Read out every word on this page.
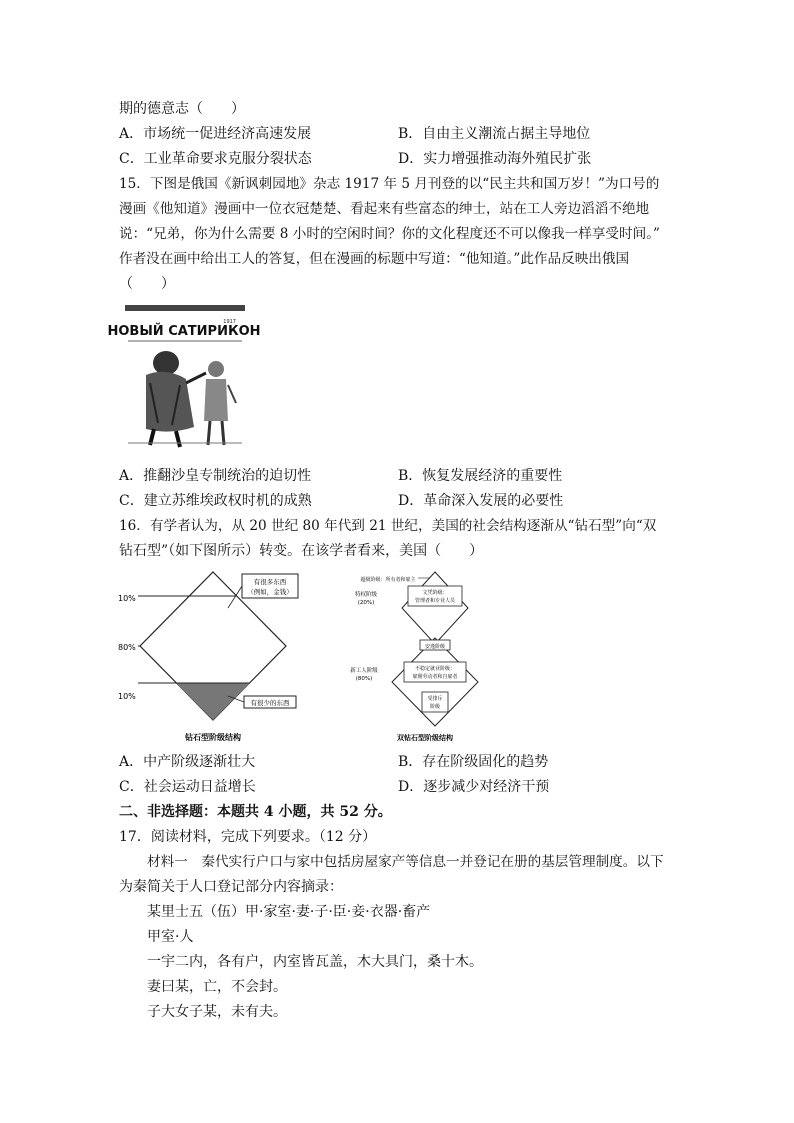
期的德意志（　　）
A．市场统一促进经济高速发展	B．自由主义潮流占据主导地位
C．工业革命要求克服分裂状态	D．实力增强推动海外殖民扩张
15．下图是俄国《新讽刺园地》杂志 1917 年 5 月刊登的以“民主共和国万岁！”为口号的
漫画《他知道》漫画中一位衣冠楚楚、看起来有些富态的绅士，站在工人旁边滔滔不绝地
说：“兄弟，你为什么需要 8 小时的空闲时间？你的文化程度还不可以像我一样享受时间。”
作者没在画中给出工人的答复，但在漫画的标题中写道：“他知道。”此作品反映出俄国
（　　）
НОВЫЙ САТИРИКОН
1917
A．推翻沙皇专制统治的迫切性	B．恢复发展经济的重要性
C．建立苏维埃政权时机的成熟	D．革命深入发展的必要性
16．有学者认为，从 20 世纪 80 年代到 21 世纪，美国的社会结构逐渐从“钻石型”向“双
钻石型”（如下图所示）转变。在该学者看来，美国（　　）
10%
80%
10%
有很多东西
（例如，金钱）
有很少的东西
钻石型阶级结构
超级阶级：所有者和雇主
特权阶级
(20%)
文凭阶级：
管理者和专业人员
安逸阶级
新工人阶级
(80%)
不稳定就业阶级：
雇佣劳动者和自雇者
受排斥
阶级
双钻石型阶级结构
A．中产阶级逐渐壮大	B．存在阶级固化的趋势
C．社会运动日益增长	D．逐步减少对经济干预
二、非选择题：本题共 4 小题，共 52 分。
17．阅读材料，完成下列要求。（12 分）
材料一　秦代实行户口与家中包括房屋家产等信息一并登记在册的基层管理制度。以下
为秦简关于人口登记部分内容摘录：
某里士五（伍）甲·家室·妻·子·臣·妾·衣器·畜产
甲室·人
一宇二内，各有户，内室皆瓦盖，木大具门，桑十木。
妻曰某，亡，不会封。
子大女子某，未有夫。
